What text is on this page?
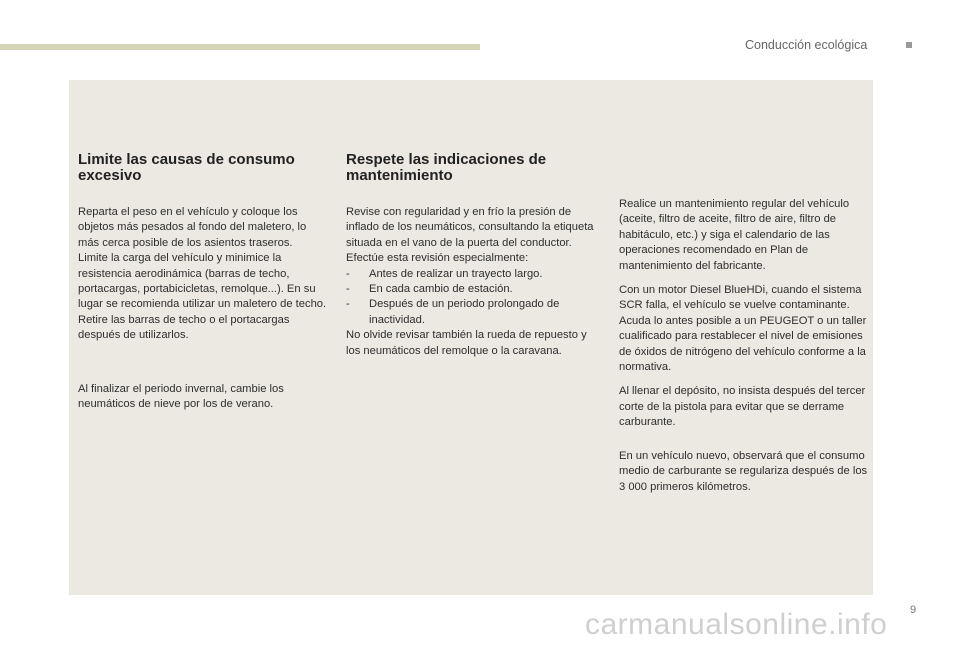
Conducción ecológica
Limite las causas de consumo excesivo

Reparta el peso en el vehículo y coloque los objetos más pesados al fondo del maletero, lo más cerca posible de los asientos traseros.

Limite la carga del vehículo y minimice la resistencia aerodinámica (barras de techo, portacargas, portabicicletas, remolque...). En su lugar se recomienda utilizar un maletero de techo.

Retire las barras de techo o el portacargas después de utilizarlos.

Al finalizar el periodo invernal, cambie los neumáticos de nieve por los de verano.

Respete las indicaciones de mantenimiento

Revise con regularidad y en frío la presión de inflado de los neumáticos, consultando la etiqueta situada en el vano de la puerta del conductor.

Efectúe esta revisión especialmente:

- Antes de realizar un trayecto largo.
- En cada cambio de estación.
- Después de un periodo prolongado de inactividad.

No olvide revisar también la rueda de repuesto y los neumáticos del remolque o la caravana.

Realice un mantenimiento regular del vehículo (aceite, filtro de aceite, filtro de aire, filtro de habitáculo, etc.) y siga el calendario de las operaciones recomendado en Plan de mantenimiento del fabricante.

Con un motor Diesel BlueHDi, cuando el sistema SCR falla, el vehículo se vuelve contaminante. Acuda lo antes posible a un PEUGEOT o un taller cualificado para restablecer el nivel de emisiones de óxidos de nitrógeno del vehículo conforme a la normativa.

Al llenar el depósito, no insista después del tercer corte de la pistola para evitar que se derrame carburante.

En un vehículo nuevo, observará que el consumo medio de carburante se regulariza después de los 3 000 primeros kilómetros.

9
carmanualsonline.info
